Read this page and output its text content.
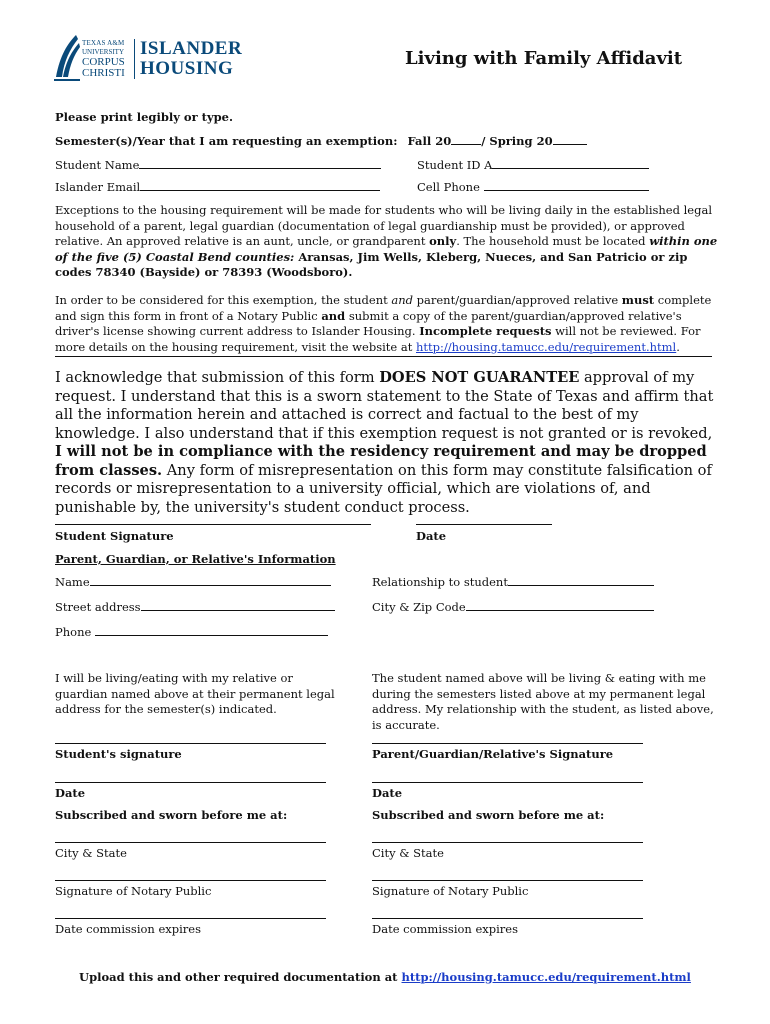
TEXAS A&M
UNIVERSITY
CORPUS
CHRISTI
ISLANDER
HOUSING	Living with Family Affidavit
Please print legibly or type.
Semester(s)/Year that I am requesting an exemption: Fall 20	/ Spring 20
Student Name	Student ID A
Islander Email	Cell Phone
Exceptions to the housing requirement will be made for students who will be living daily in the established legal household of a parent, legal guardian (documentation of legal guardianship must be provided), or approved relative. An approved relative is an aunt, uncle, or grandparent only. The household must be located within one of the five (5) Coastal Bend counties: Aransas, Jim Wells, Kleberg, Nueces, and San Patricio or zip codes 78340 (Bayside) or 78393 (Woodsboro).
In order to be considered for this exemption, the student and parent/guardian/approved relative must complete and sign this form in front of a Notary Public and submit a copy of the parent/guardian/approved relative's driver's license showing current address to Islander Housing. Incomplete requests will not be reviewed. For more details on the housing requirement, visit the website at http://housing.tamucc.edu/requirement.html.
I acknowledge that submission of this form DOES NOT GUARANTEE approval of my request. I understand that this is a sworn statement to the State of Texas and affirm that all the information herein and attached is correct and factual to the best of my knowledge. I also understand that if this exemption request is not granted or is revoked, I will not be in compliance with the residency requirement and may be dropped from classes. Any form of misrepresentation on this form may constitute falsification of records or misrepresentation to a university official, which are violations of, and punishable by, the university's student conduct process.
Student Signature	Date
Parent, Guardian, or Relative's Information
Name	Relationship to student
Street address	City & Zip Code
Phone
I will be living/eating with my relative or guardian named above at their permanent legal address for the semester(s) indicated.
The student named above will be living & eating with me during the semesters listed above at my permanent legal address. My relationship with the student, as listed above, is accurate.
Student's signature
Date
Subscribed and sworn before me at:
City & State
Signature of Notary Public
Date commission expires
Parent/Guardian/Relative's Signature
Date
Subscribed and sworn before me at:
City & State
Signature of Notary Public
Date commission expires
Upload this and other required documentation at http://housing.tamucc.edu/requirement.html
